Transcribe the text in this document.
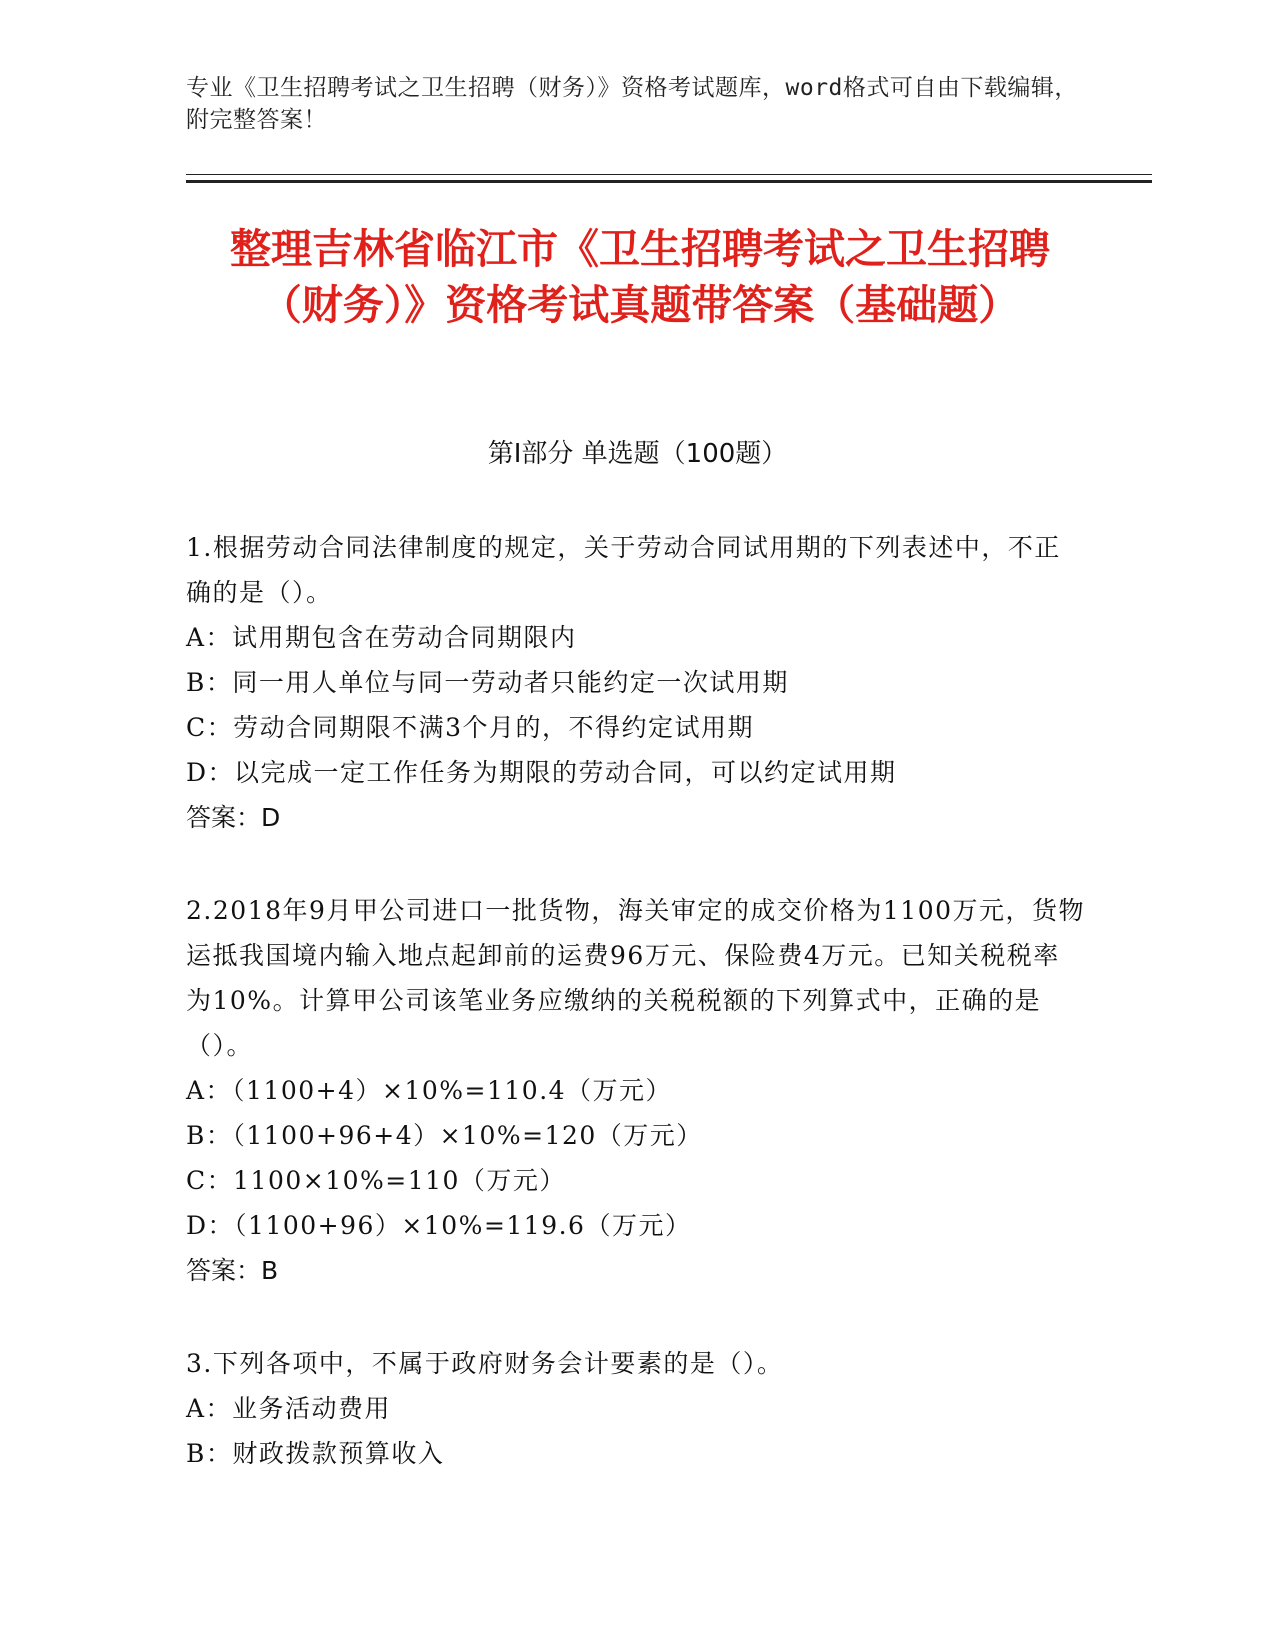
专业《卫生招聘考试之卫生招聘（财务）》资格考试题库，word格式可自由下载编辑，附完整答案！
整理吉林省临江市《卫生招聘考试之卫生招聘（财务）》资格考试真题带答案（基础题）
第I部分 单选题（100题）
1.根据劳动合同法律制度的规定，关于劳动合同试用期的下列表述中，不正确的是（）。
A：试用期包含在劳动合同期限内
B：同一用人单位与同一劳动者只能约定一次试用期
C：劳动合同期限不满3个月的，不得约定试用期
D：以完成一定工作任务为期限的劳动合同，可以约定试用期
答案：D
2.2018年9月甲公司进口一批货物，海关审定的成交价格为1100万元，货物运抵我国境内输入地点起卸前的运费96万元、保险费4万元。已知关税税率为10%。计算甲公司该笔业务应缴纳的关税税额的下列算式中，正确的是（）。
A：（1100+4）×10%=110.4（万元）
B：（1100+96+4）×10%=120（万元）
C：1100×10%=110（万元）
D：（1100+96）×10%=119.6（万元）
答案：B
3.下列各项中，不属于政府财务会计要素的是（）。
A：业务活动费用
B：财政拨款预算收入
